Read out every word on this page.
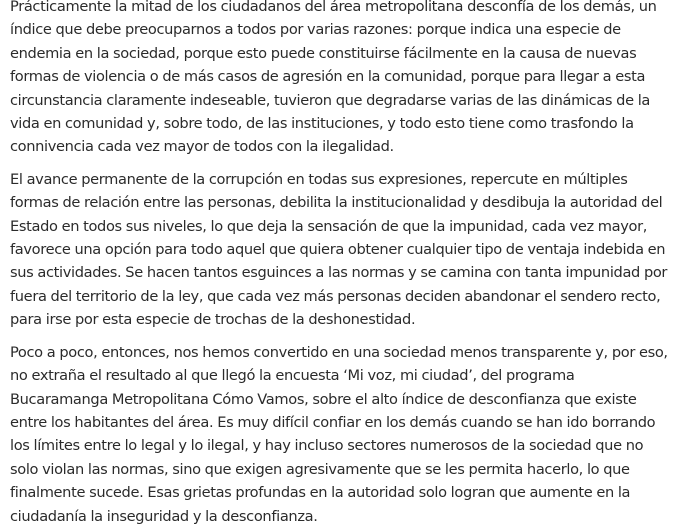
Prácticamente la mitad de los ciudadanos del área metropolitana desconfía de los demás, un índice que debe preocuparnos a todos por varias razones: porque indica una especie de endemia en la sociedad, porque esto puede constituirse fácilmente en la causa de nuevas formas de violencia o de más casos de agresión en la comunidad, porque para llegar a esta circunstancia claramente indeseable, tuvieron que degradarse varias de las dinámicas de la vida en comunidad y, sobre todo, de las instituciones, y todo esto tiene como trasfondo la connivencia cada vez mayor de todos con la ilegalidad.

El avance permanente de la corrupción en todas sus expresiones, repercute en múltiples formas de relación entre las personas, debilita la institucionalidad y desdibuja la autoridad del Estado en todos sus niveles, lo que deja la sensación de que la impunidad, cada vez mayor, favorece una opción para todo aquel que quiera obtener cualquier tipo de ventaja indebida en sus actividades. Se hacen tantos esguinces a las normas y se camina con tanta impunidad por fuera del territorio de la ley, que cada vez más personas deciden abandonar el sendero recto, para irse por esta especie de trochas de la deshonestidad.

Poco a poco, entonces, nos hemos convertido en una sociedad menos transparente y, por eso, no extraña el resultado al que llegó la encuesta ‘Mi voz, mi ciudad’, del programa Bucaramanga Metropolitana Cómo Vamos, sobre el alto índice de desconfianza que existe entre los habitantes del área. Es muy difícil confiar en los demás cuando se han ido borrando los límites entre lo legal y lo ilegal, y hay incluso sectores numerosos de la sociedad que no solo violan las normas, sino que exigen agresivamente que se les permita hacerlo, lo que finalmente sucede. Esas grietas profundas en la autoridad solo logran que aumente en la ciudadanía la inseguridad y la desconfianza.
